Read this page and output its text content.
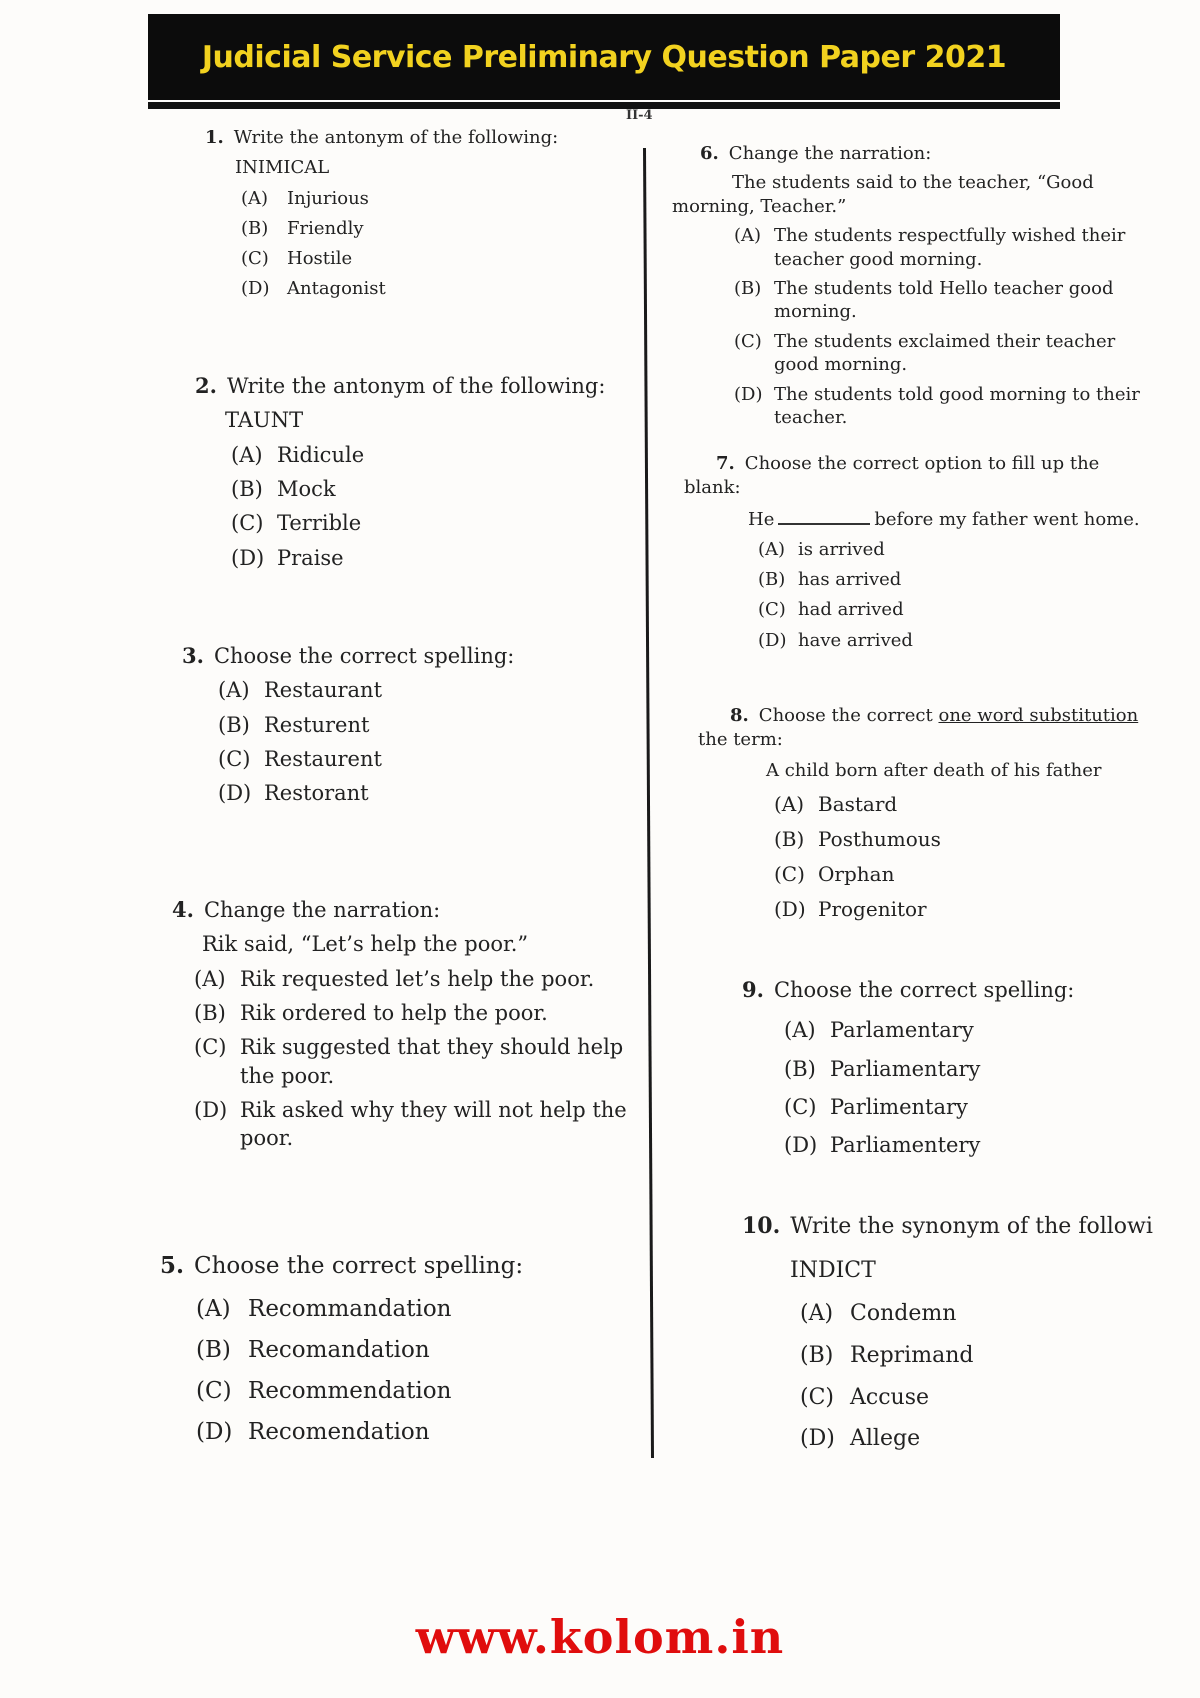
Judicial Service Preliminary Question Paper 2021
II-4

1. Write the antonym of the following:

INIMICAL
(A)	Injurious
(B)	Friendly
(C)	Hostile
(D) Antagonist

2. Write the antonym of the following:

TAUNT
(A) Ridicule
(B) Mock
(C) Terrible
(D) Praise

3. Choose the correct spelling:

(A) Restaurant
(B) Resturent
(C) Restaurent
(D) Restorant

4. Change the narration:

Rik said, “Let’s help the poor.”
(A) Rik requested let’s help the poor.
(B) Rik ordered to help the poor.
(C) Rik suggested that they should help the poor.
(D) Rik asked why they will not help the poor.

5. Choose the correct spelling:

(A) Recommandation
(B) Recomandation
(C) Recommendation
(D) Recomendation

6. Change the narration:

The students said to the teacher, “Good morning, Teacher.”
(A) The students respectfully wished their teacher good morning.
(B) The students told Hello teacher good morning.
(C) The students exclaimed their teacher good morning.
(D) The students told good morning to their teacher.

7. Choose the correct option to fill up the blank:

He	before my father went home.
(A) is arrived
(B) has arrived
(C) had arrived
(D) have arrived

8. Choose the correct one word substitution the term:

A child born after death of his father
(A) Bastard
(B) Posthumous
(C) Orphan
(D) Progenitor

9. Choose the correct spelling:

(A) Parlamentary
(B) Parliamentary
(C) Parlimentary
(D) Parliamentery

10. Write the synonym of the followi

INDICT
(A) Condemn
(B) Reprimand
(C) Accuse
(D) Allege
www.kolom.in
